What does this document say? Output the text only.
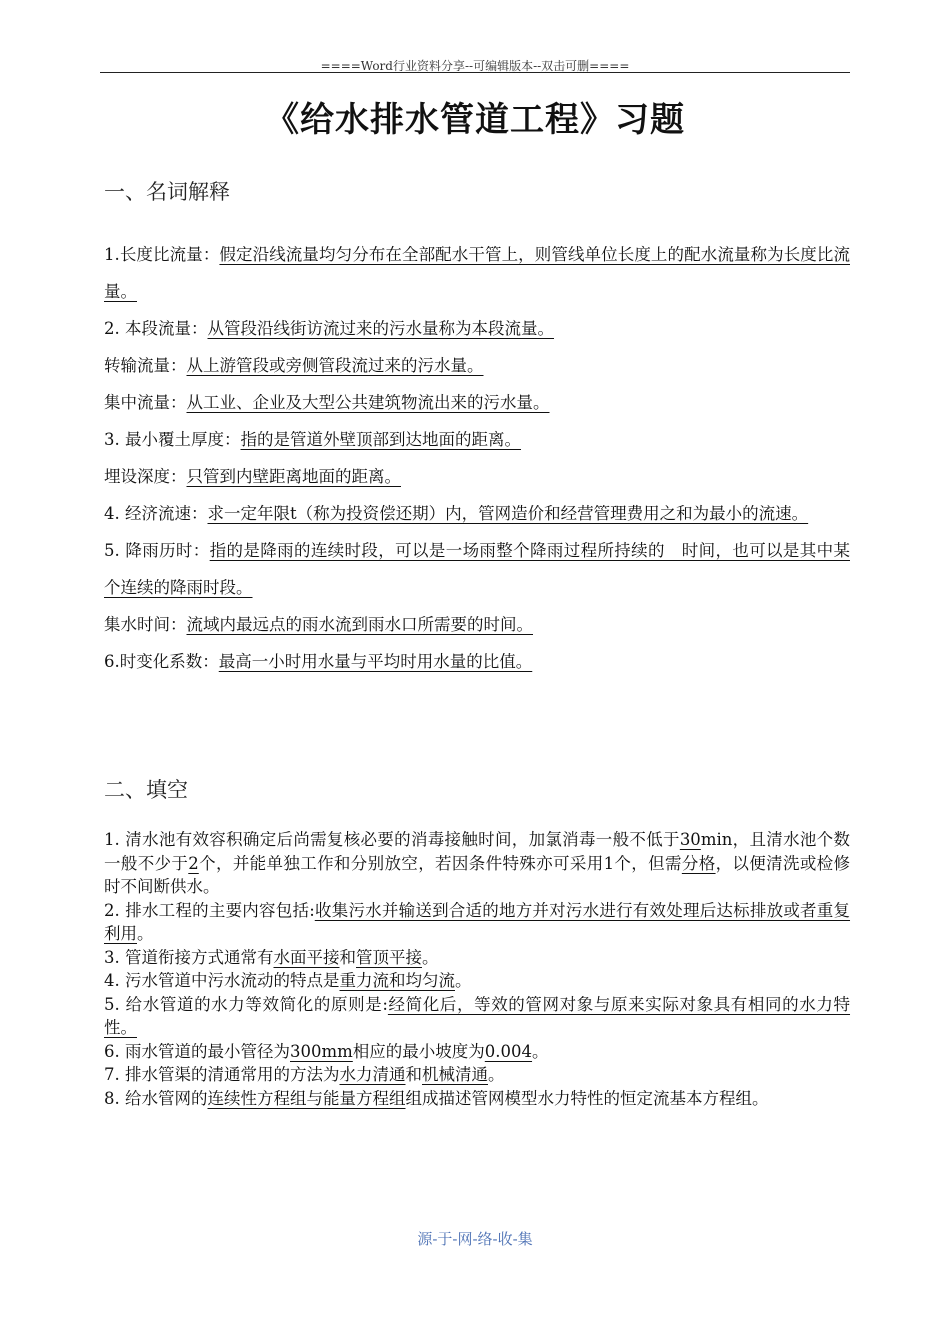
====Word行业资料分享--可编辑版本--双击可删====
《给水排水管道工程》习题
一、名词解释

1.长度比流量：假定沿线流量均匀分布在全部配水干管上，则管线单位长度上的配水流量称为长度比流量。

2. 本段流量：从管段沿线街访流过来的污水量称为本段流量。

转输流量：从上游管段或旁侧管段流过来的污水量。

集中流量：从工业、企业及大型公共建筑物流出来的污水量。

3. 最小覆土厚度：指的是管道外壁顶部到达地面的距离。

埋设深度：只管到内壁距离地面的距离。

4. 经济流速：求一定年限t（称为投资偿还期）内，管网造价和经营管理费用之和为最小的流速。

5. 降雨历时：指的是降雨的连续时段，可以是一场雨整个降雨过程所持续的　时间，也可以是其中某个连续的降雨时段。

集水时间：流域内最远点的雨水流到雨水口所需要的时间。

6.时变化系数：最高一小时用水量与平均时用水量的比值。

二、填空

1. 清水池有效容积确定后尚需复核必要的消毒接触时间，加氯消毒一般不低于30min，且清水池个数一般不少于2个，并能单独工作和分别放空，若因条件特殊亦可采用1个，但需分格，以便清洗或检修时不间断供水。

2. 排水工程的主要内容包括:收集污水并输送到合适的地方并对污水进行有效处理后达标排放或者重复利用。

3. 管道衔接方式通常有水面平接和管顶平接。

4. 污水管道中污水流动的特点是重力流和均匀流。

5. 给水管道的水力等效简化的原则是:经简化后，等效的管网对象与原来实际对象具有相同的水力特性。

6. 雨水管道的最小管径为300mm相应的最小坡度为0.004。

7. 排水管渠的清通常用的方法为水力清通和机械清通。

8. 给水管网的连续性方程组与能量方程组组成描述管网模型水力特性的恒定流基本方程组。

源-于-网-络-收-集
